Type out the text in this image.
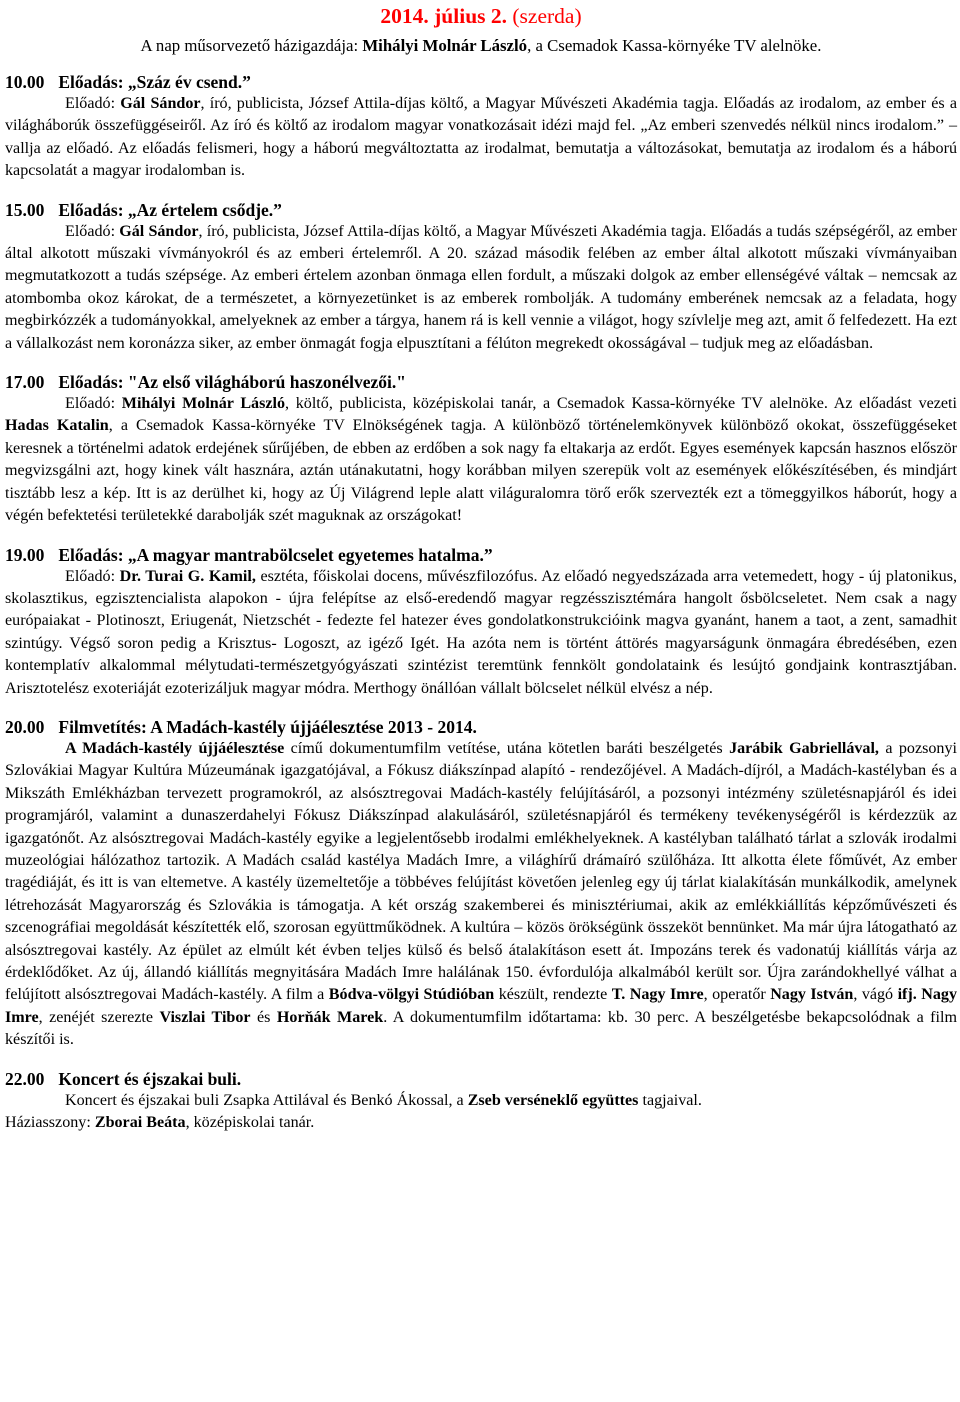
2014. július 2. (szerda)
A nap műsorvezető házigazdája: Mihályi Molnár László, a Csemadok Kassa-környéke TV alelnöke.

10.00 Előadás: „Száz év csend.”

Előadó: Gál Sándor, író, publicista, József Attila-díjas költő, a Magyar Művészeti Akadémia tagja. Előadás az irodalom, az ember és a világháborúk összefüggéseiről. Az író és költő az irodalom magyar vonatkozásait idézi majd fel. „Az emberi szenvedés nélkül nincs irodalom.” – vallja az előadó. Az előadás felismeri, hogy a háború megváltoztatta az irodalmat, bemutatja a változásokat, bemutatja az irodalom és a háború kapcsolatát a magyar irodalomban is.

15.00 Előadás: „Az értelem csődje.”

Előadó: Gál Sándor, író, publicista, József Attila-díjas költő, a Magyar Művészeti Akadémia tagja. Előadás a tudás szépségéről, az ember által alkotott műszaki vívmányokról és az emberi értelemről. A 20. század második felében az ember által alkotott műszaki vívmányaiban megmutatkozott a tudás szépsége. Az emberi értelem azonban önmaga ellen fordult, a műszaki dolgok az ember ellenségévé váltak – nemcsak az atombomba okoz károkat, de a természetet, a környezetünket is az emberek rombolják. A tudomány emberének nemcsak az a feladata, hogy megbirkózzék a tudományokkal, amelyeknek az ember a tárgya, hanem rá is kell vennie a világot, hogy szívlelje meg azt, amit ő felfedezett. Ha ezt a vállalkozást nem koronázza siker, az ember önmagát fogja elpusztítani a félúton megrekedt okosságával – tudjuk meg az előadásban.

17.00 Előadás: "Az első világháború haszonélvezői."

Előadó: Mihályi Molnár László, költő, publicista, középiskolai tanár, a Csemadok Kassa-környéke TV alelnöke. Az előadást vezeti Hadas Katalin, a Csemadok Kassa-környéke TV Elnökségének tagja. A különböző történelemkönyvek különböző okokat, összefüggéseket keresnek a történelmi adatok erdejének sűrűjében, de ebben az erdőben a sok nagy fa eltakarja az erdőt. Egyes események kapcsán hasznos először megvizsgálni azt, hogy kinek vált hasznára, aztán utánakutatni, hogy korábban milyen szerepük volt az események előkészítésében, és mindjárt tisztább lesz a kép. Itt is az derülhet ki, hogy az Új Világrend leple alatt világuralomra törő erők szervezték ezt a tömeggyilkos háborút, hogy a végén befektetési területekké darabolják szét maguknak az országokat!

19.00 Előadás: „A magyar mantrabölcselet egyetemes hatalma.”

Előadó: Dr. Turai G. Kamil, esztéta, főiskolai docens, művészfilozófus. Az előadó negyedszázada arra vetemedett, hogy - új platonikus, skolasztikus, egzisztencialista alapokon - újra felépítse az első-eredendő magyar regzésszisztémára hangolt ősbölcseletet. Nem csak a nagy európaiakat - Plotinoszt, Eriugenát, Nietzschét - fedezte fel hatezer éves gondolatkonstrukcióink magva gyanánt, hanem a taot, a zent, samadhit szintúgy. Végső soron pedig a Krisztus- Logoszt, az igéző Igét. Ha azóta nem is történt áttörés magyarságunk önmagára ébredésében, ezen kontemplatív alkalommal mélytudati-természetgyógyászati szintézist teremtünk fennkölt gondolataink és lesújtó gondjaink kontrasztjában. Arisztotelész exoteriáját ezoterizáljuk magyar módra. Merthogy önállóan vállalt bölcselet nélkül elvész a nép.

20.00 Filmvetítés: A Madách-kastély újjáélesztése 2013 - 2014.

A Madách-kastély újjáélesztése című dokumentumfilm vetítése, utána kötetlen baráti beszélgetés Jarábik Gabriellával, a pozsonyi Szlovákiai Magyar Kultúra Múzeumának igazgatójával, a Fókusz diákszínpad alapító - rendezőjével. A Madách-díjról, a Madách-kastélyban és a Mikszáth Emlékházban tervezett programokról, az alsósztregovai Madách-kastély felújításáról, a pozsonyi intézmény születésnapjáról és idei programjáról, valamint a dunaszerdahelyi Fókusz Diákszínpad alakulásáról, születésnapjáról és termékeny tevékenységéről is kérdezzük az igazgatónőt. Az alsósztregovai Madách-kastély egyike a legjelentősebb irodalmi emlékhelyeknek. A kastélyban található tárlat a szlovák irodalmi muzeológiai hálózathoz tartozik. A Madách család kastélya Madách Imre, a világhírű drámaíró szülőháza. Itt alkotta élete főművét, Az ember tragédiáját, és itt is van eltemetve. A kastély üzemeltetője a többéves felújítást követően jelenleg egy új tárlat kialakításán munkálkodik, amelynek létrehozását Magyarország és Szlovákia is támogatja. A két ország szakemberei és minisztériumai, akik az emlékkiállítás képzőművészeti és szcenográfiai megoldását készítették elő, szorosan együttműködnek. A kultúra – közös örökségünk összeköt bennünket. Ma már újra látogatható az alsósztregovai kastély. Az épület az elmúlt két évben teljes külső és belső átalakításon esett át. Impozáns terek és vadonatúj kiállítás várja az érdeklődőket. Az új, állandó kiállítás megnyitására Madách Imre halálának 150. évfordulója alkalmából került sor. Újra zarándokhellyé válhat a felújított alsósztregovai Madách-kastély. A film a Bódva-völgyi Stúdióban készült, rendezte T. Nagy Imre, operatőr Nagy István, vágó ifj. Nagy Imre, zenéjét szerezte Viszlai Tibor és Horňák Marek. A dokumentumfilm időtartama: kb. 30 perc. A beszélgetésbe bekapcsolódnak a film készítői is.

22.00 Koncert és éjszakai buli.

Koncert és éjszakai buli Zsapka Attilával és Benkó Ákossal, a Zseb verséneklő együttes tagjaival.
Háziasszony: Zborai Beáta, középiskolai tanár.
